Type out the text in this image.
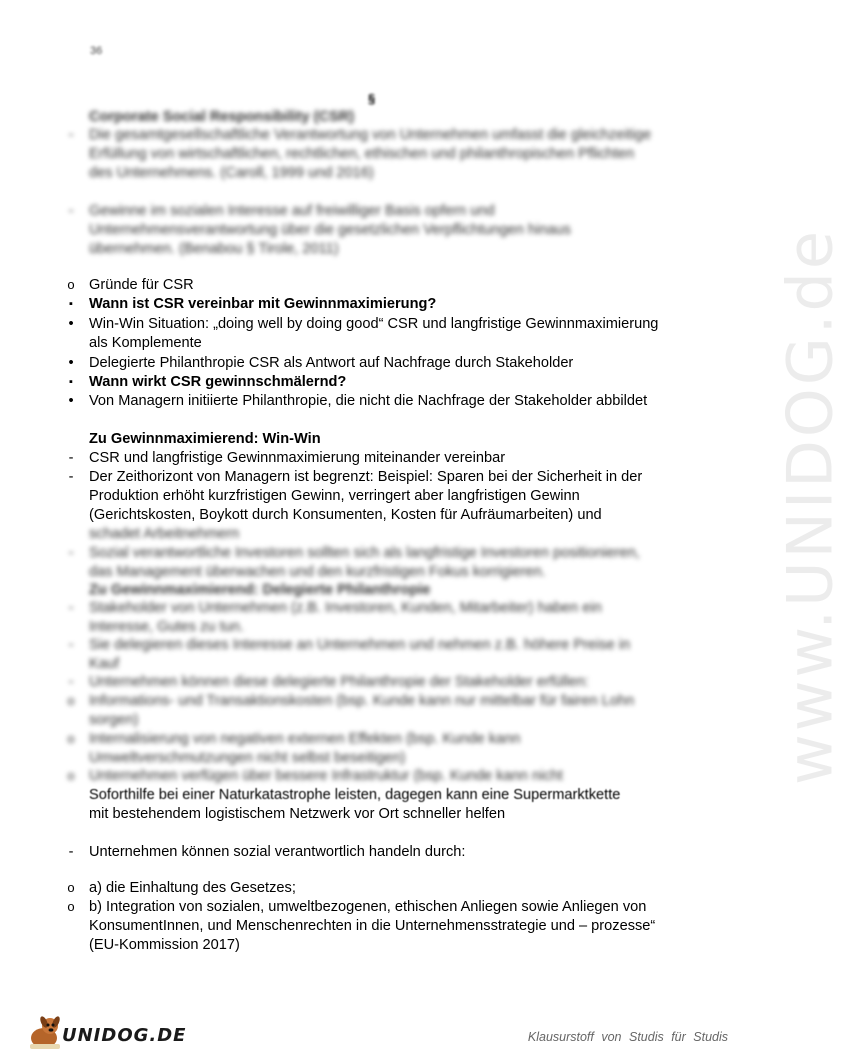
www.UNIDOG.de
36
§
Corporate Social Responsibility (CSR)
-	Die gesamtgesellschaftliche Verantwortung von Unternehmen umfasst die gleichzeitige Erfüllung von wirtschaftlichen, rechtlichen, ethischen und philanthropischen Pflichten des Unternehmens. (Caroll, 1999 und 2016)
-	Gewinne im sozialen Interesse auf freiwilliger Basis opfern und Unternehmensverantwortung über die gesetzlichen Verpflichtungen hinaus übernehmen. (Benabou § Tirole, 2011)
o Gründe für CSR
▪	Wann ist CSR vereinbar mit Gewinnmaximierung?
•	Win-Win Situation: „doing well by doing good“ CSR und langfristige Gewinnmaximierung als Komplemente
•	Delegierte Philanthropie CSR als Antwort auf Nachfrage durch Stakeholder
▪	Wann wirkt CSR gewinnschmälernd?
•	Von Managern initiierte Philanthropie, die nicht die Nachfrage der Stakeholder abbildet
Zu Gewinnmaximierend: Win-Win
-	CSR und langfristige Gewinnmaximierung miteinander vereinbar
-	Der Zeithorizont von Managern ist begrenzt: Beispiel: Sparen bei der Sicherheit in der Produktion erhöht kurzfristigen Gewinn, verringert aber langfristigen Gewinn (Gerichtskosten, Boykott durch Konsumenten, Kosten für Aufräumarbeiten) und
schadet Arbeitnehmern
-	Sozial verantwortliche Investoren sollten sich als langfristige Investoren positionieren, das Management überwachen und den kurzfristigen Fokus korrigieren.
Zu Gewinnmaximierend: Delegierte Philanthropie
-	Stakeholder von Unternehmen (z.B. Investoren, Kunden, Mitarbeiter) haben ein Interesse, Gutes zu tun.
-	Sie delegieren dieses Interesse an Unternehmen und nehmen z.B. höhere Preise in Kauf
-	Unternehmen können diese delegierte Philanthropie der Stakeholder erfüllen:
o Informations- und Transaktionskosten (bsp. Kunde kann nur mittelbar für fairen Lohn sorgen)
o Internalisierung von negativen externen Effekten (bsp. Kunde kann Umweltverschmutzungen nicht selbst beseitigen)
o Unternehmen verfügen über bessere Infrastruktur (bsp. Kunde kann nicht
Soforthilfe bei einer Naturkatastrophe leisten, dagegen kann eine Supermarktkette
mit bestehendem logistischem Netzwerk vor Ort schneller helfen
-	Unternehmen können sozial verantwortlich handeln durch:
o a) die Einhaltung des Gesetzes;
o b) Integration von sozialen, umweltbezogenen, ethischen Anliegen sowie Anliegen von KonsumentInnen, und Menschenrechten in die Unternehmensstrategie und – prozesse“ (EU-Kommission 2017)
UNIDOG.DE	Klausurstoff von Studis für Studis
